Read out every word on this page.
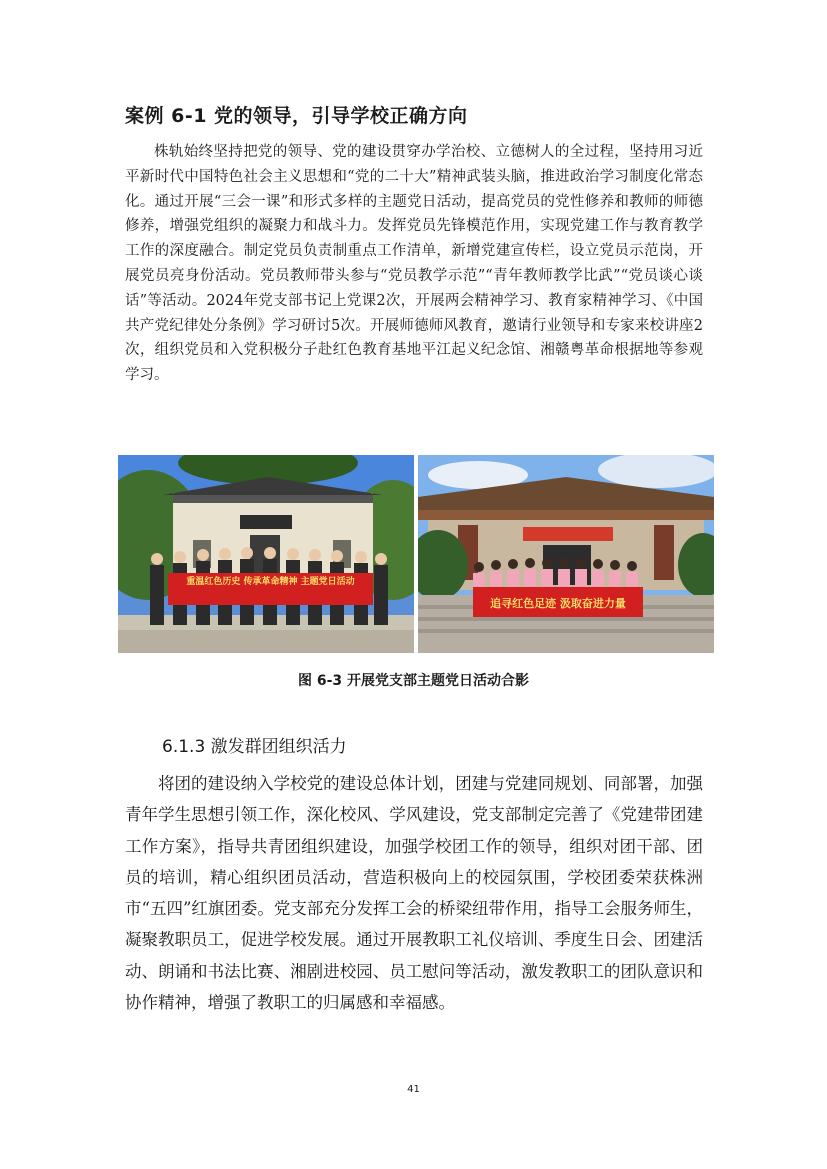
案例 6-1 党的领导，引导学校正确方向

株轨始终坚持把党的领导、党的建设贯穿办学治校、立德树人的全过程，坚持用习近平新时代中国特色社会主义思想和“党的二十大”精神武装头脑，推进政治学习制度化常态化。通过开展“三会一课”和形式多样的主题党日活动，提高党员的党性修养和教师的师德修养，增强党组织的凝聚力和战斗力。发挥党员先锋模范作用，实现党建工作与教育教学工作的深度融合。制定党员负责制重点工作清单，新增党建宣传栏，设立党员示范岗，开展党员亮身份活动。党员教师带头参与“党员教学示范”“青年教师教学比武”“党员谈心谈话”等活动。2024年党支部书记上党课2次，开展两会精神学习、教育家精神学习、《中国共产党纪律处分条例》学习研讨5次。开展师德师风教育，邀请行业领导和专家来校讲座2次，组织党员和入党积极分子赴红色教育基地平江起义纪念馆、湘赣粤革命根据地等参观学习。

重温红色历史 传承革命精神 主题党日活动
追寻红色足迹 汲取奋进力量

图 6-3 开展党支部主题党日活动合影

6.1.3 激发群团组织活力

将团的建设纳入学校党的建设总体计划，团建与党建同规划、同部署，加强青年学生思想引领工作，深化校风、学风建设，党支部制定完善了《党建带团建工作方案》，指导共青团组织建设，加强学校团工作的领导，组织对团干部、团员的培训，精心组织团员活动，营造积极向上的校园氛围，学校团委荣获株洲市“五四”红旗团委。党支部充分发挥工会的桥梁纽带作用，指导工会服务师生，凝聚教职员工，促进学校发展。通过开展教职工礼仪培训、季度生日会、团建活动、朗诵和书法比赛、湘剧进校园、员工慰问等活动，激发教职工的团队意识和协作精神，增强了教职工的归属感和幸福感。

41
